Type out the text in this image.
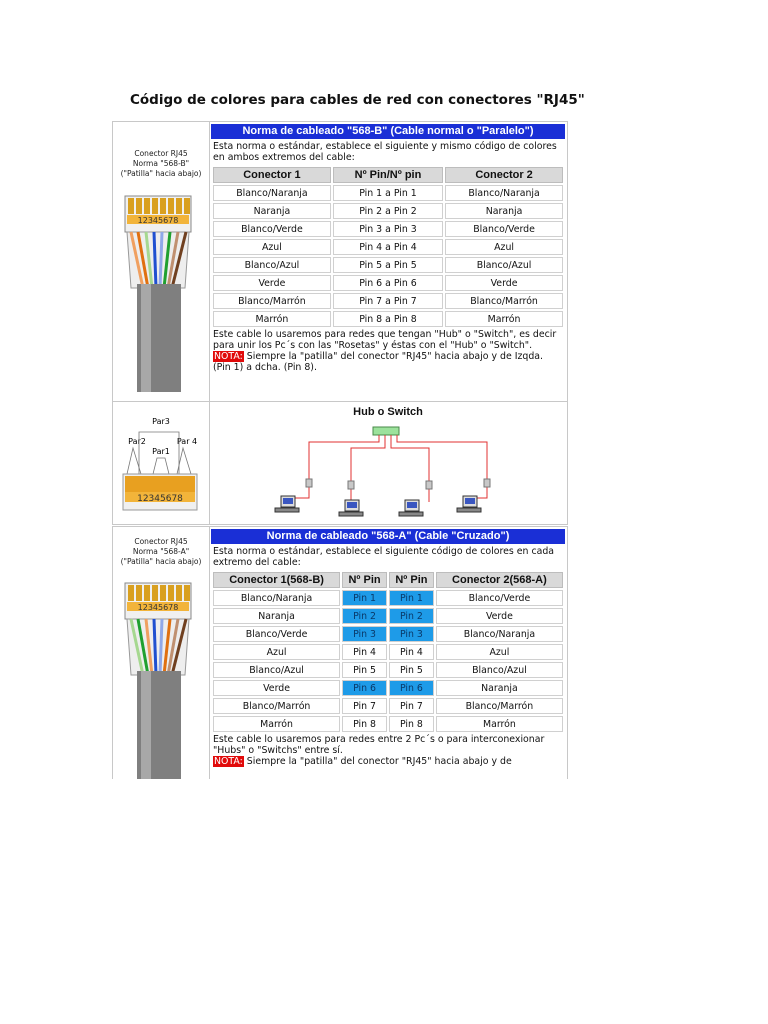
Código de colores para cables de red con conectores "RJ45"
Conector RJ45
Norma "568-B"
("Patilla" hacia abajo)
12345678
Norma de cableado "568-B" (Cable normal o "Paralelo")
Esta norma o estándar, establece el siguiente y mismo código de colores en ambos extremos del cable:
Conector 1	Nº Pin/Nº pin	Conector 2
Blanco/Naranja	Pin 1 a Pin 1	Blanco/Naranja
Naranja	Pin 2 a Pin 2	Naranja
Blanco/Verde	Pin 3 a Pin 3	Blanco/Verde
Azul	Pin 4 a Pin 4	Azul
Blanco/Azul	Pin 5 a Pin 5	Blanco/Azul
Verde	Pin 6 a Pin 6	Verde
Blanco/Marrón	Pin 7 a Pin 7	Blanco/Marrón
Marrón	Pin 8 a Pin 8	Marrón
Este cable lo usaremos para redes que tengan "Hub" o "Switch", es decir para unir los Pc´s con las "Rosetas" y éstas con el "Hub" o "Switch".
NOTA: Siempre la "patilla" del conector "RJ45" hacia abajo y de Izqda. (Pin 1) a dcha. (Pin 8).
Par3
Par2
Par1
Par 4
12345678
Hub o Switch
Conector RJ45
Norma "568-A"
("Patilla" hacia abajo)
12345678
Norma de cableado "568-A" (Cable "Cruzado")
Esta norma o estándar, establece el siguiente código de colores en cada extremo del cable:
Conector 1(568-B)	Nº Pin	Nº Pin	Conector 2(568-A)
Blanco/Naranja	Pin 1	Pin 1	Blanco/Verde
Naranja	Pin 2	Pin 2	Verde
Blanco/Verde	Pin 3	Pin 3	Blanco/Naranja
Azul	Pin 4	Pin 4	Azul
Blanco/Azul	Pin 5	Pin 5	Blanco/Azul
Verde	Pin 6	Pin 6	Naranja
Blanco/Marrón	Pin 7	Pin 7	Blanco/Marrón
Marrón	Pin 8	Pin 8	Marrón
Este cable lo usaremos para redes entre 2 Pc´s o para interconexionar "Hubs" o "Switchs" entre sí.
NOTA: Siempre la "patilla" del conector "RJ45" hacia abajo y de
